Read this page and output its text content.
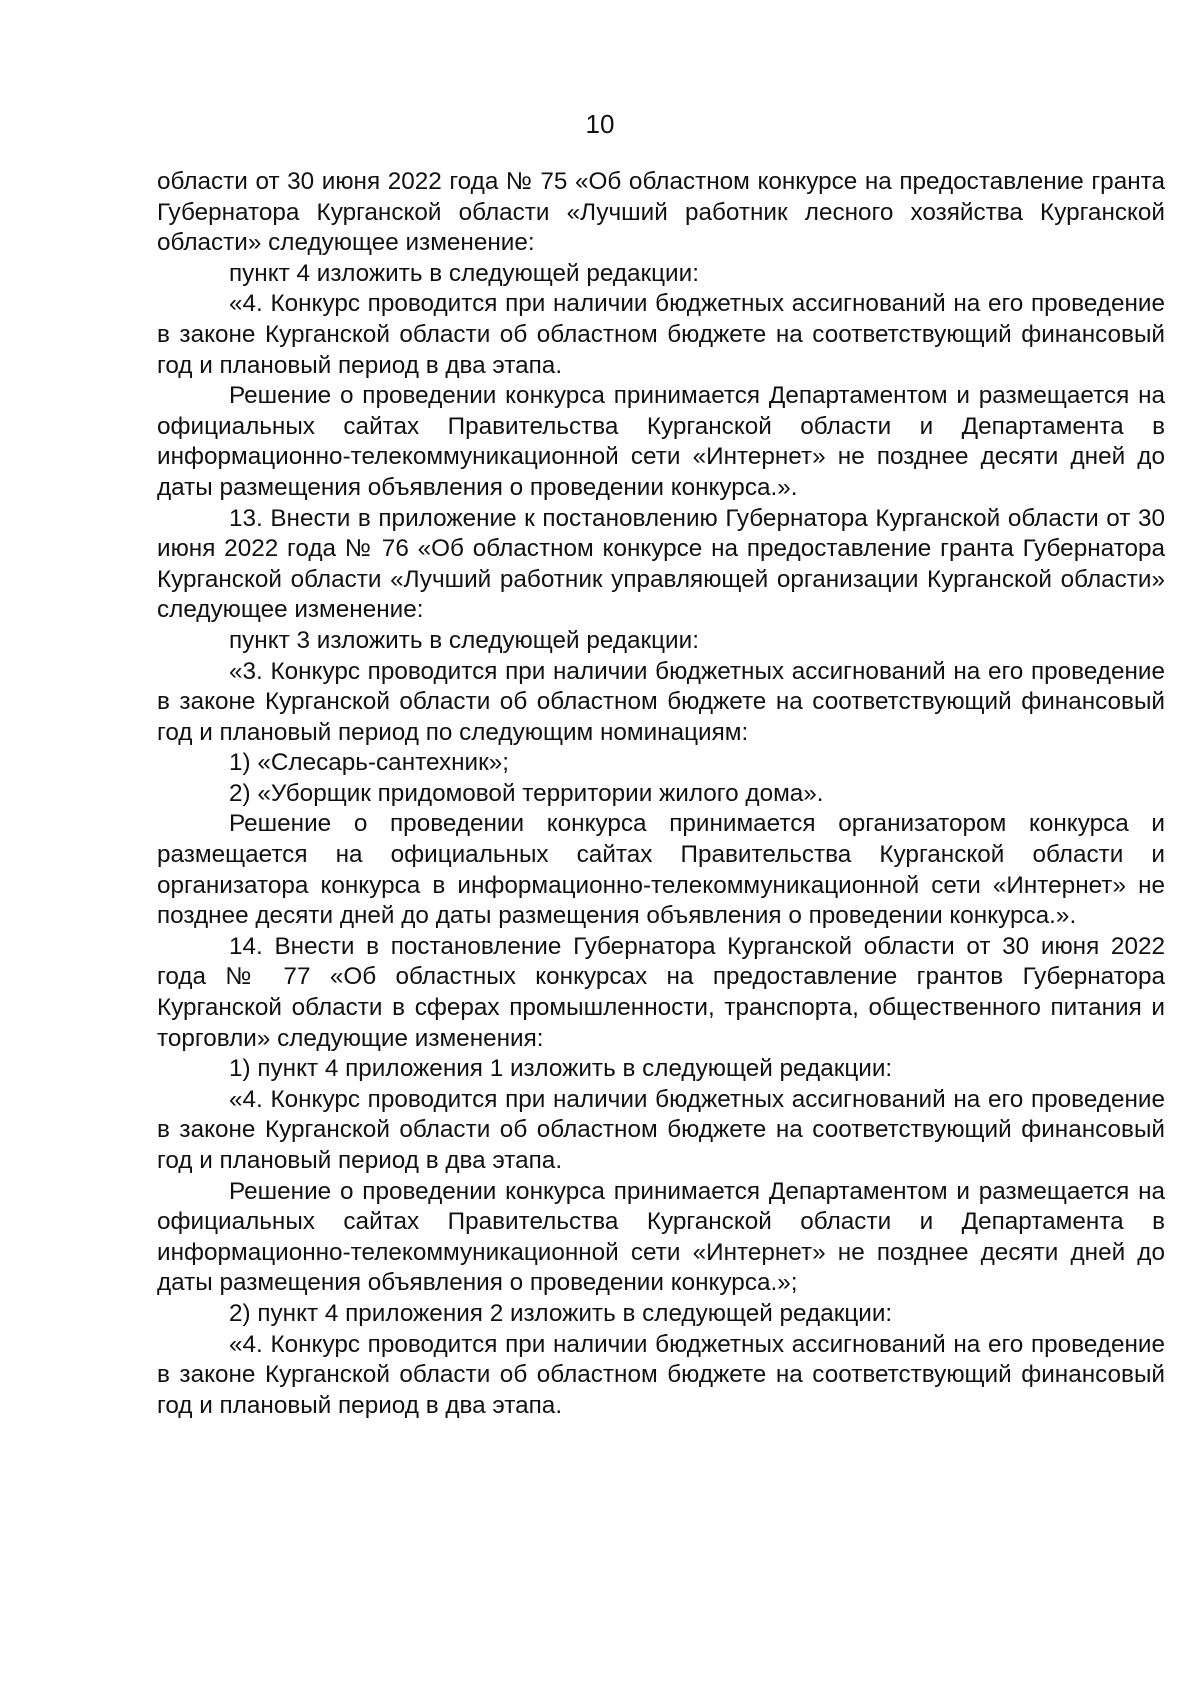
10

области от 30 июня 2022 года № 75 «Об областном конкурсе на предоставление гранта Губернатора Курганской области «Лучший работник лесного хозяйства Курганской области» следующее изменение:

пункт 4 изложить в следующей редакции:

«4. Конкурс проводится при наличии бюджетных ассигнований на его проведение в законе Курганской области об областном бюджете на соответствующий финансовый год и плановый период в два этапа.

Решение о проведении конкурса принимается Департаментом и размещается на официальных сайтах Правительства Курганской области и Департамента в информационно-телекоммуникационной сети «Интернет» не позднее десяти дней до даты размещения объявления о проведении конкурса.».

13. Внести в приложение к постановлению Губернатора Курганской области от 30 июня 2022 года № 76 «Об областном конкурсе на предоставление гранта Губернатора Курганской области «Лучший работник управляющей организации Курганской области» следующее изменение:

пункт 3 изложить в следующей редакции:

«3. Конкурс проводится при наличии бюджетных ассигнований на его проведение в законе Курганской области об областном бюджете на соответствующий финансовый год и плановый период по следующим номинациям:

1) «Слесарь-сантехник»;

2) «Уборщик придомовой территории жилого дома».

Решение о проведении конкурса принимается организатором конкурса и размещается на официальных сайтах Правительства Курганской области и организатора конкурса в информационно-телекоммуникационной сети «Интернет» не позднее десяти дней до даты размещения объявления о проведении конкурса.».

14. Внести в постановление Губернатора Курганской области от 30 июня 2022 года № 77 «Об областных конкурсах на предоставление грантов Губернатора Курганской области в сферах промышленности, транспорта, общественного питания и торговли» следующие изменения:

1) пункт 4 приложения 1 изложить в следующей редакции:

«4. Конкурс проводится при наличии бюджетных ассигнований на его проведение в законе Курганской области об областном бюджете на соответствующий финансовый год и плановый период в два этапа.

Решение о проведении конкурса принимается Департаментом и размещается на официальных сайтах Правительства Курганской области и Департамента в информационно-телекоммуникационной сети «Интернет» не позднее десяти дней до даты размещения объявления о проведении конкурса.»;

2) пункт 4 приложения 2 изложить в следующей редакции:

«4. Конкурс проводится при наличии бюджетных ассигнований на его проведение в законе Курганской области об областном бюджете на соответствующий финансовый год и плановый период в два этапа.
